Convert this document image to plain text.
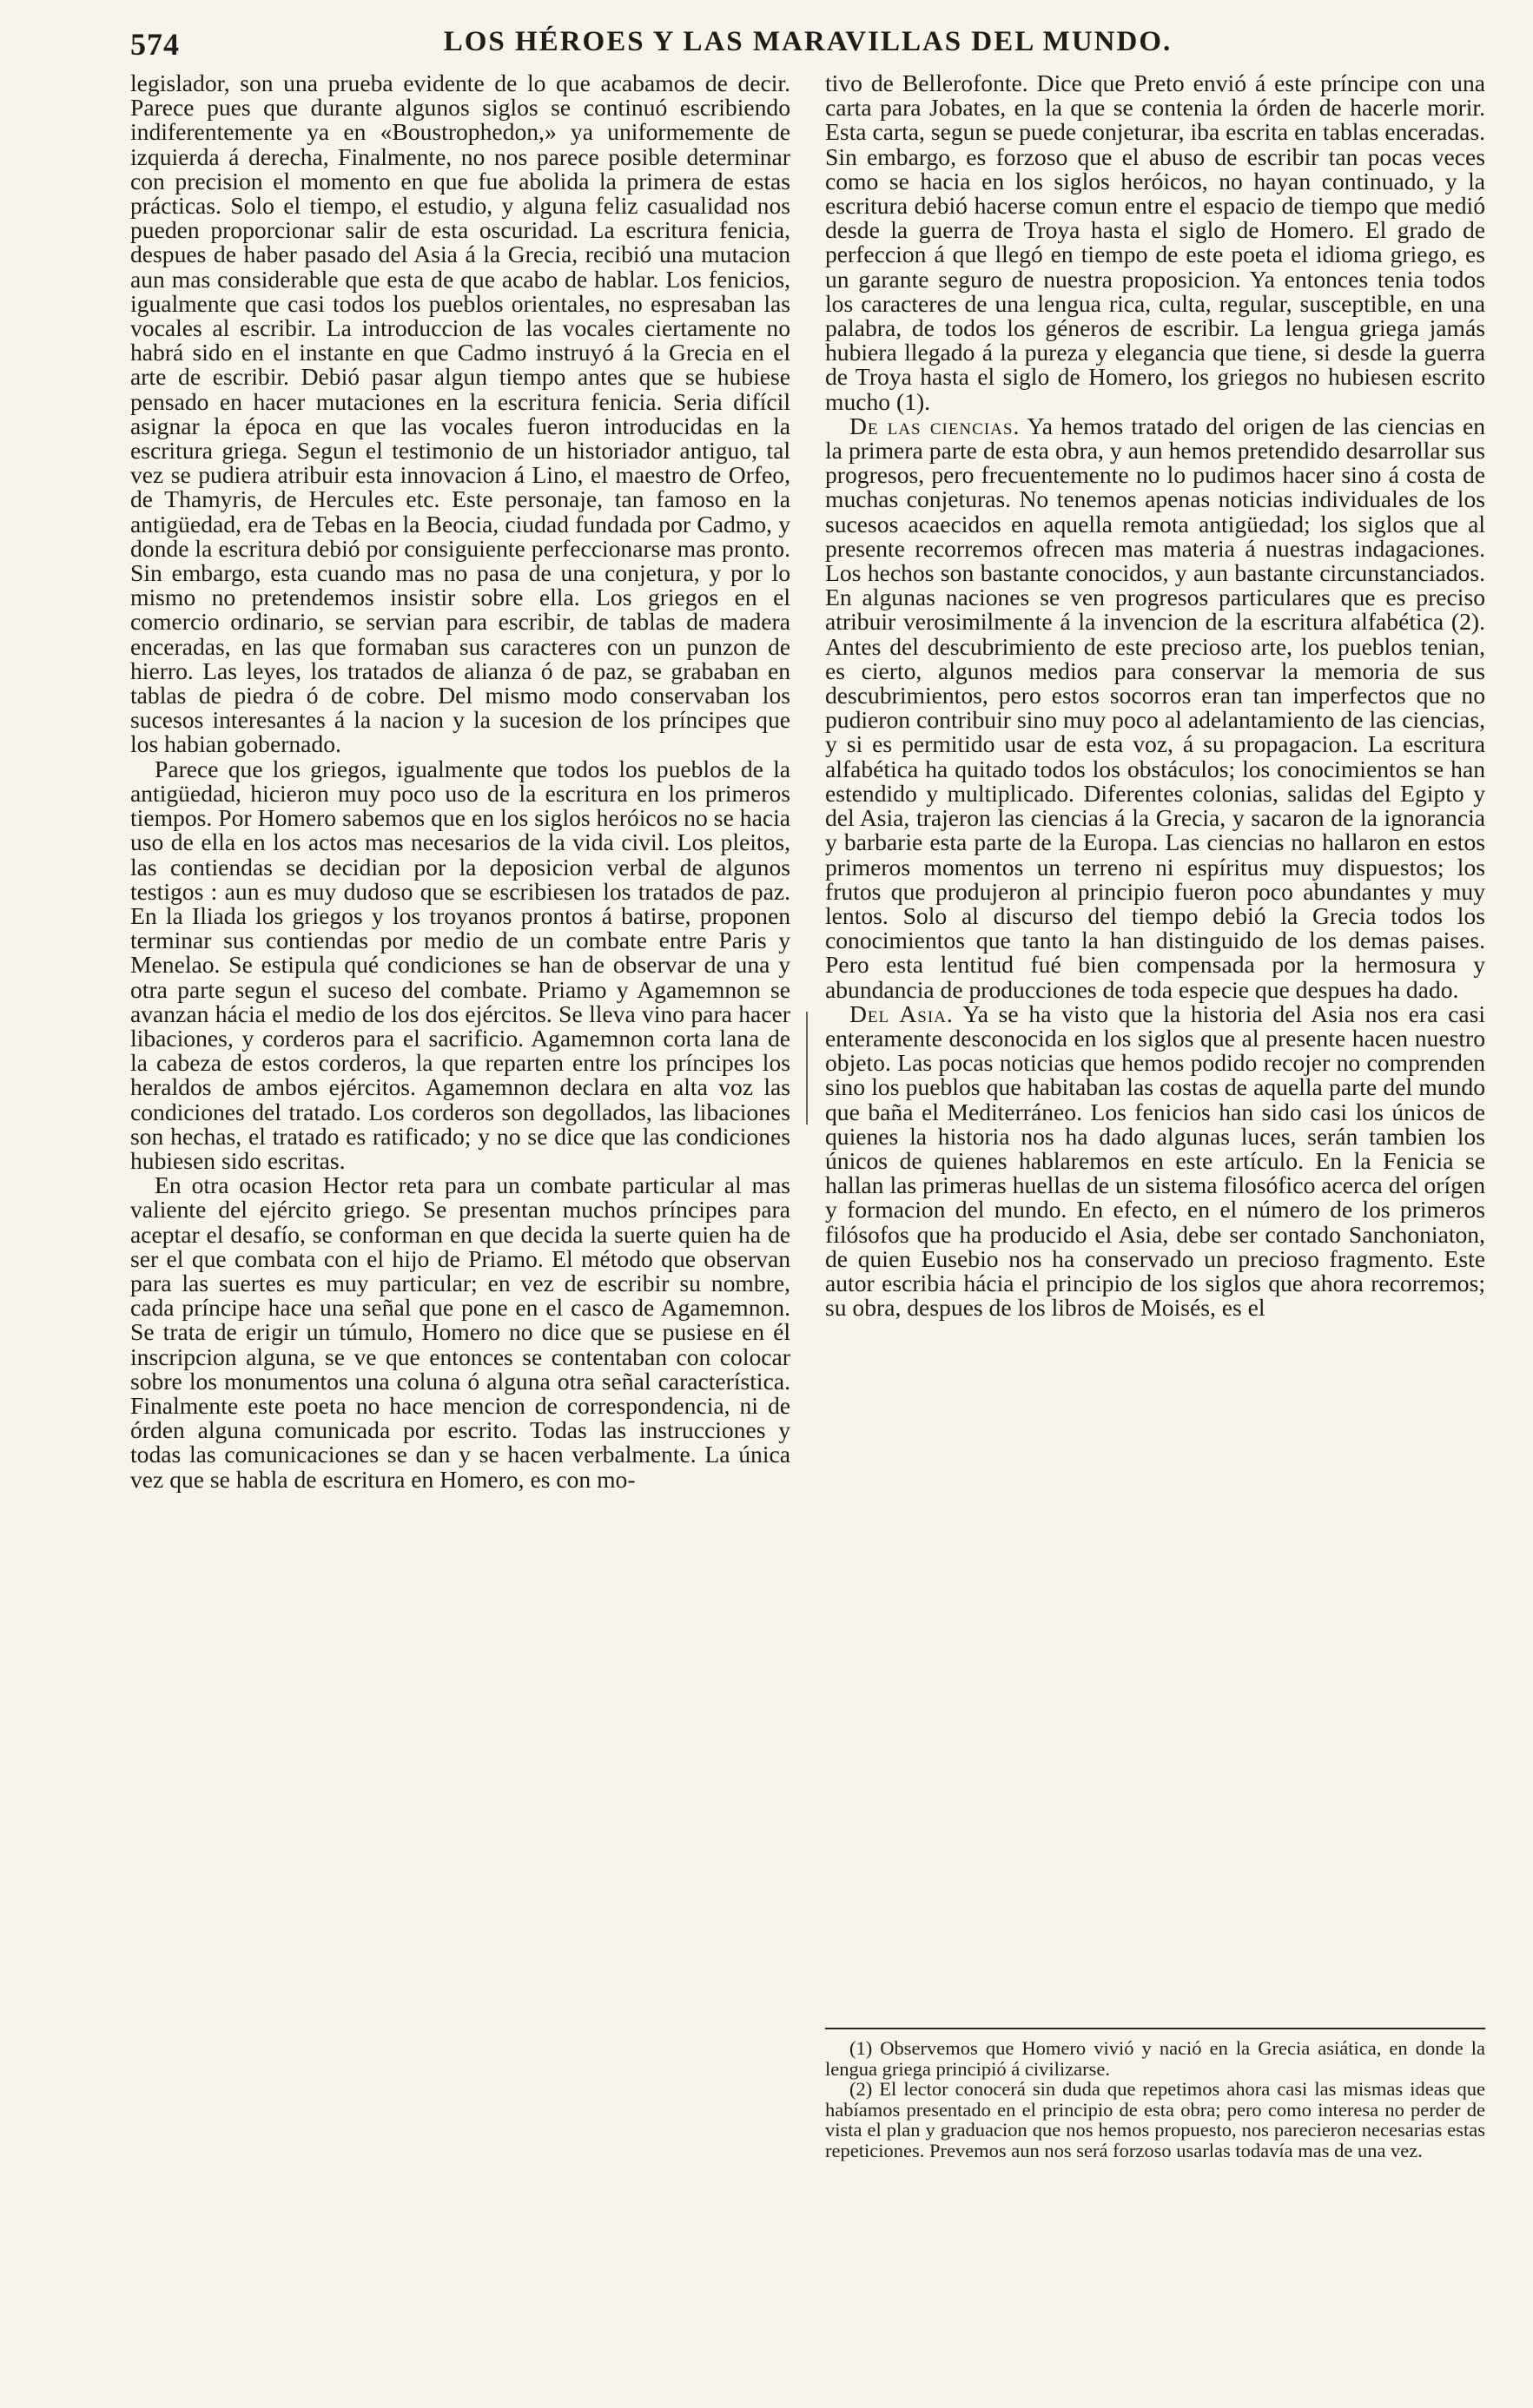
574	LOS HÉROES Y LAS MARAVILLAS DEL MUNDO.

legislador, son una prueba evidente de lo que acabamos de decir. Parece pues que durante algunos siglos se continuó escribiendo indiferentemente ya en «Boustrophedon,» ya uniformemente de izquierda á derecha, Finalmente, no nos parece posible determinar con precision el momento en que fue abolida la primera de estas prácticas. Solo el tiempo, el estudio, y alguna feliz casualidad nos pueden proporcionar salir de esta oscuridad. La escritura fenicia, despues de haber pasado del Asia á la Grecia, recibió una mutacion aun mas considerable que esta de que acabo de hablar. Los fenicios, igualmente que casi todos los pueblos orientales, no espresaban las vocales al escribir. La introduccion de las vocales ciertamente no habrá sido en el instante en que Cadmo instruyó á la Grecia en el arte de escribir. Debió pasar algun tiempo antes que se hubiese pensado en hacer mutaciones en la escritura fenicia. Seria difícil asignar la época en que las vocales fueron introducidas en la escritura griega. Segun el testimonio de un historiador antiguo, tal vez se pudiera atribuir esta innovacion á Lino, el maestro de Orfeo, de Thamyris, de Hercules etc. Este personaje, tan famoso en la antigüedad, era de Tebas en la Beocia, ciudad fundada por Cadmo, y donde la escritura debió por consiguiente perfeccionarse mas pronto. Sin embargo, esta cuando mas no pasa de una conjetura, y por lo mismo no pretendemos insistir sobre ella. Los griegos en el comercio ordinario, se servian para escribir, de tablas de madera enceradas, en las que formaban sus caracteres con un punzon de hierro. Las leyes, los tratados de alianza ó de paz, se grababan en tablas de piedra ó de cobre. Del mismo modo conservaban los sucesos interesantes á la nacion y la sucesion de los príncipes que los habian gobernado.

Parece que los griegos, igualmente que todos los pueblos de la antigüedad, hicieron muy poco uso de la escritura en los primeros tiempos. Por Homero sabemos que en los siglos heróicos no se hacia uso de ella en los actos mas necesarios de la vida civil. Los pleitos, las contiendas se decidian por la deposicion verbal de algunos testigos : aun es muy dudoso que se escribiesen los tratados de paz. En la Iliada los griegos y los troyanos prontos á batirse, proponen terminar sus contiendas por medio de un combate entre Paris y Menelao. Se estipula qué condiciones se han de observar de una y otra parte segun el suceso del combate. Priamo y Agamemnon se avanzan hácia el medio de los dos ejércitos. Se lleva vino para hacer libaciones, y corderos para el sacrificio. Agamemnon corta lana de la cabeza de estos corderos, la que reparten entre los príncipes los heraldos de ambos ejércitos. Agamemnon declara en alta voz las condiciones del tratado. Los corderos son degollados, las libaciones son hechas, el tratado es ratificado; y no se dice que las condiciones hubiesen sido escritas.

En otra ocasion Hector reta para un combate particular al mas valiente del ejército griego. Se presentan muchos príncipes para aceptar el desafío, se conforman en que decida la suerte quien ha de ser el que combata con el hijo de Priamo. El método que observan para las suertes es muy particular; en vez de escribir su nombre, cada príncipe hace una señal que pone en el casco de Agamemnon. Se trata de erigir un túmulo, Homero no dice que se pusiese en él inscripcion alguna, se ve que entonces se contentaban con colocar sobre los monumentos una coluna ó alguna otra señal característica. Finalmente este poeta no hace mencion de correspondencia, ni de órden alguna comunicada por escrito. Todas las instrucciones y todas las comunicaciones se dan y se hacen verbalmente. La única vez que se habla de escritura en Homero, es con mo-

tivo de Bellerofonte. Dice que Preto envió á este príncipe con una carta para Jobates, en la que se contenia la órden de hacerle morir. Esta carta, segun se puede conjeturar, iba escrita en tablas enceradas. Sin embargo, es forzoso que el abuso de escribir tan pocas veces como se hacia en los siglos heróicos, no hayan continuado, y la escritura debió hacerse comun entre el espacio de tiempo que medió desde la guerra de Troya hasta el siglo de Homero. El grado de perfeccion á que llegó en tiempo de este poeta el idioma griego, es un garante seguro de nuestra proposicion. Ya entonces tenia todos los caracteres de una lengua rica, culta, regular, susceptible, en una palabra, de todos los géneros de escribir. La lengua griega jamás hubiera llegado á la pureza y elegancia que tiene, si desde la guerra de Troya hasta el siglo de Homero, los griegos no hubiesen escrito mucho (1).

De las ciencias. Ya hemos tratado del origen de las ciencias en la primera parte de esta obra, y aun hemos pretendido desarrollar sus progresos, pero frecuentemente no lo pudimos hacer sino á costa de muchas conjeturas. No tenemos apenas noticias individuales de los sucesos acaecidos en aquella remota antigüedad; los siglos que al presente recorremos ofrecen mas materia á nuestras indagaciones. Los hechos son bastante conocidos, y aun bastante circunstanciados. En algunas naciones se ven progresos particulares que es preciso atribuir verosimilmente á la invencion de la escritura alfabética (2). Antes del descubrimiento de este precioso arte, los pueblos tenian, es cierto, algunos medios para conservar la memoria de sus descubrimientos, pero estos socorros eran tan imperfectos que no pudieron contribuir sino muy poco al adelantamiento de las ciencias, y si es permitido usar de esta voz, á su propagacion. La escritura alfabética ha quitado todos los obstáculos; los conocimientos se han estendido y multiplicado. Diferentes colonias, salidas del Egipto y del Asia, trajeron las ciencias á la Grecia, y sacaron de la ignorancia y barbarie esta parte de la Europa. Las ciencias no hallaron en estos primeros momentos un terreno ni espíritus muy dispuestos; los frutos que produjeron al principio fueron poco abundantes y muy lentos. Solo al discurso del tiempo debió la Grecia todos los conocimientos que tanto la han distinguido de los demas paises. Pero esta lentitud fué bien compensada por la hermosura y abundancia de producciones de toda especie que despues ha dado.

Del Asia. Ya se ha visto que la historia del Asia nos era casi enteramente desconocida en los siglos que al presente hacen nuestro objeto. Las pocas noticias que hemos podido recojer no comprenden sino los pueblos que habitaban las costas de aquella parte del mundo que baña el Mediterráneo. Los fenicios han sido casi los únicos de quienes la historia nos ha dado algunas luces, serán tambien los únicos de quienes hablaremos en este artículo. En la Fenicia se hallan las primeras huellas de un sistema filosófico acerca del orígen y formacion del mundo. En efecto, en el número de los primeros filósofos que ha producido el Asia, debe ser contado Sanchoniaton, de quien Eusebio nos ha conservado un precioso fragmento. Este autor escribia hácia el principio de los siglos que ahora recorremos; su obra, despues de los libros de Moisés, es el

(1) Observemos que Homero vivió y nació en la Grecia asiática, en donde la lengua griega principió á civilizarse.

(2) El lector conocerá sin duda que repetimos ahora casi las mismas ideas que habíamos presentado en el principio de esta obra; pero como interesa no perder de vista el plan y graduacion que nos hemos propuesto, nos parecieron necesarias estas repeticiones. Prevemos aun nos será forzoso usarlas todavía mas de una vez.
